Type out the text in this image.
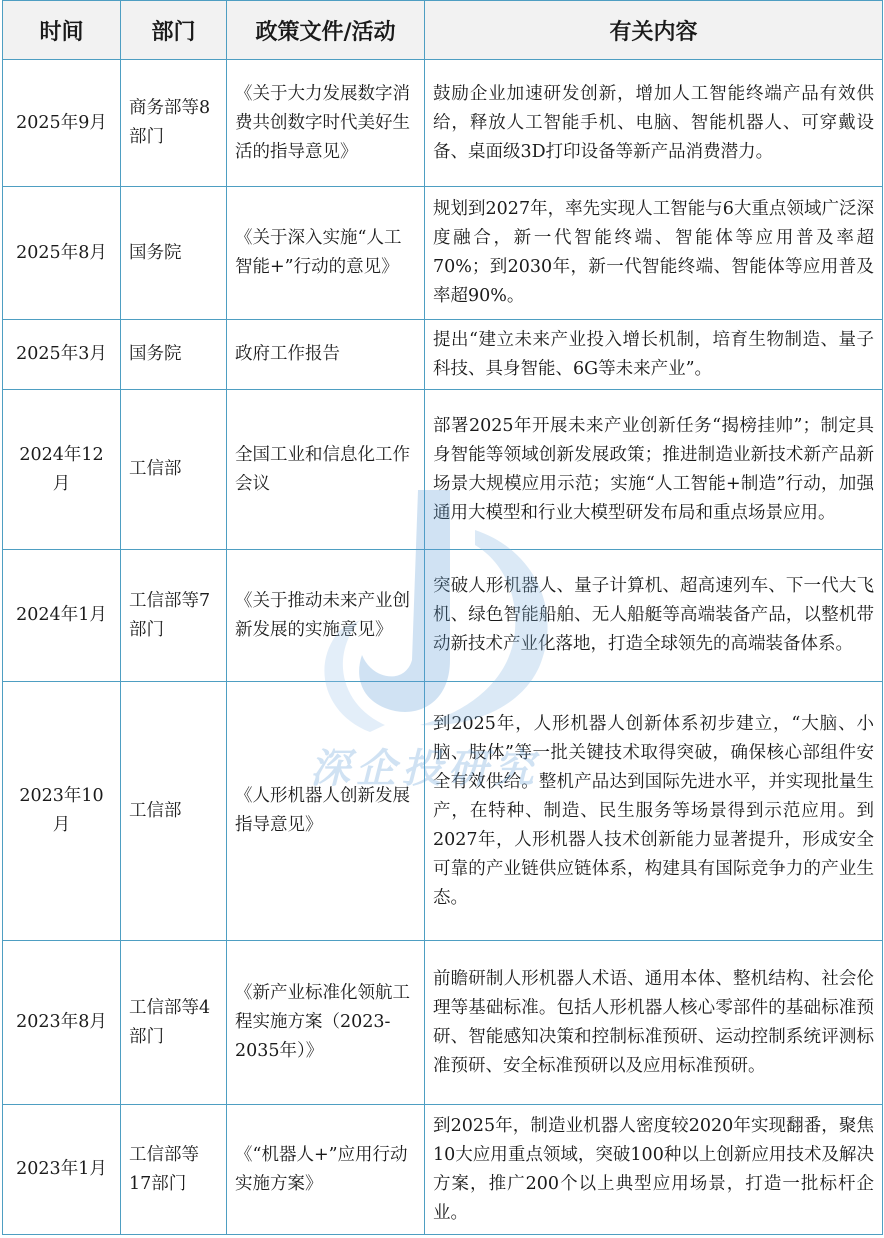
时间	部门	政策文件/活动	有关内容
2025年9月	商务部等8部门	《关于大力发展数字消费共创数字时代美好生活的指导意见》	鼓励企业加速研发创新，增加人工智能终端产品有效供给，释放人工智能手机、电脑、智能机器人、可穿戴设备、桌面级3D打印设备等新产品消费潜力。
2025年8月	国务院	《关于深入实施“人工智能+”行动的意见》	规划到2027年，率先实现人工智能与6大重点领域广泛深度融合，新一代智能终端、智能体等应用普及率超70%；到2030年，新一代智能终端、智能体等应用普及率超90%。
2025年3月	国务院	政府工作报告	提出“建立未来产业投入增长机制，培育生物制造、量子科技、具身智能、6G等未来产业”。
2024年12月	工信部	全国工业和信息化工作会议	部署2025年开展未来产业创新任务“揭榜挂帅”；制定具身智能等领域创新发展政策；推进制造业新技术新产品新场景大规模应用示范；实施“人工智能+制造”行动，加强通用大模型和行业大模型研发布局和重点场景应用。
2024年1月	工信部等7部门	《关于推动未来产业创新发展的实施意见》	突破人形机器人、量子计算机、超高速列车、下一代大飞机、绿色智能船舶、无人船艇等高端装备产品，以整机带动新技术产业化落地，打造全球领先的高端装备体系。
2023年10月	工信部	《人形机器人创新发展指导意见》	到2025年，人形机器人创新体系初步建立，“大脑、小脑、肢体”等一批关键技术取得突破，确保核心部组件安全有效供给。整机产品达到国际先进水平，并实现批量生产，在特种、制造、民生服务等场景得到示范应用。到2027年，人形机器人技术创新能力显著提升，形成安全可靠的产业链供应链体系，构建具有国际竞争力的产业生态。
2023年8月	工信部等4部门	《新产业标准化领航工程实施方案（2023-2035年）》	前瞻研制人形机器人术语、通用本体、整机结构、社会伦理等基础标准。包括人形机器人核心零部件的基础标准预研、智能感知决策和控制标准预研、运动控制系统评测标准预研、安全标准预研以及应用标准预研。
2023年1月	工信部等17部门	《“机器人+”应用行动实施方案》	到2025年，制造业机器人密度较2020年实现翻番，聚焦10大应用重点领域，突破100种以上创新应用技术及解决方案，推广200个以上典型应用场景，打造一批标杆企业。
深企投研究
